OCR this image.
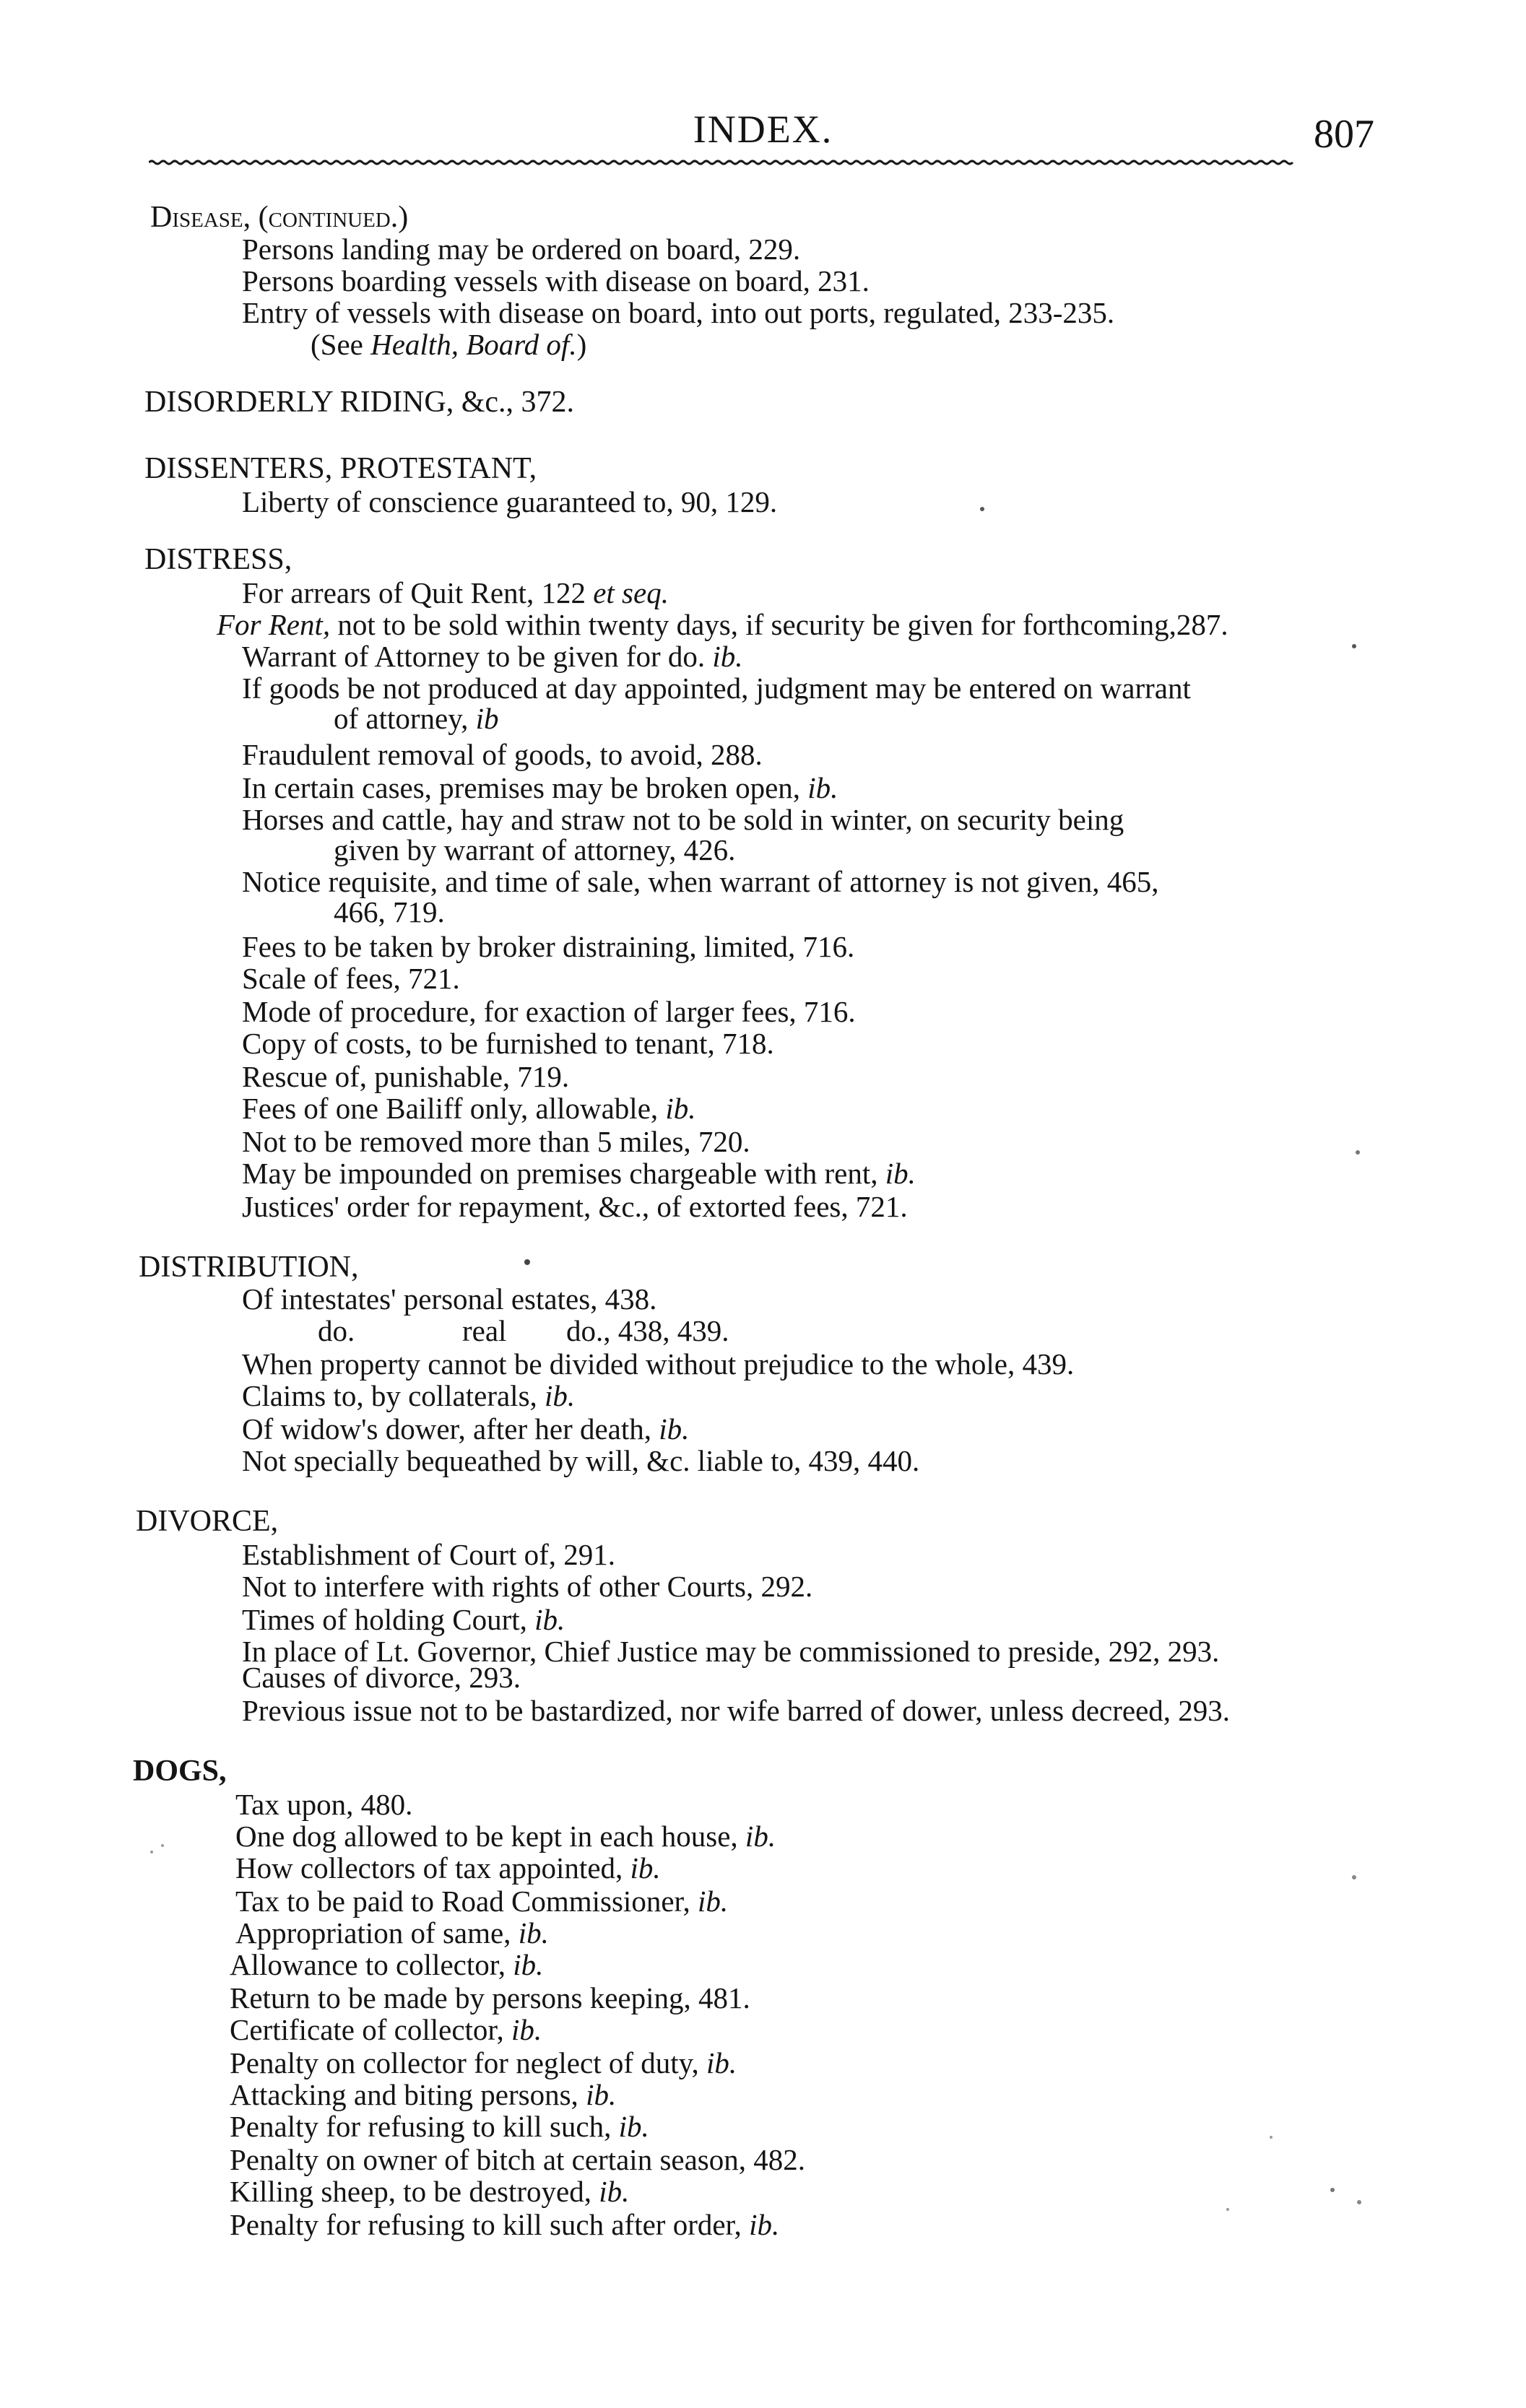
INDEX.	807
Disease, (continued.)
Persons landing may be ordered on board, 229.
Persons boarding vessels with disease on board, 231.
Entry of vessels with disease on board, into out ports, regulated, 233-235.
(See Health, Board of.)
DISORDERLY RIDING, &c., 372.
DISSENTERS, PROTESTANT,
Liberty of conscience guaranteed to, 90, 129.
DISTRESS,
For arrears of Quit Rent, 122 et seq.
For Rent, not to be sold within twenty days, if security be given for forthcoming,287.
Warrant of Attorney to be given for do. ib.
If goods be not produced at day appointed, judgment may be entered on warrant
of attorney, ib
Fraudulent removal of goods, to avoid, 288.
In certain cases, premises may be broken open, ib.
Horses and cattle, hay and straw not to be sold in winter, on security being
given by warrant of attorney, 426.
Notice requisite, and time of sale, when warrant of attorney is not given, 465,
466, 719.
Fees to be taken by broker distraining, limited, 716.
Scale of fees, 721.
Mode of procedure, for exaction of larger fees, 716.
Copy of costs, to be furnished to tenant, 718.
Rescue of, punishable, 719.
Fees of one Bailiff only, allowable, ib.
Not to be removed more than 5 miles, 720.
May be impounded on premises chargeable with rent, ib.
Justices' order for repayment, &c., of extorted fees, 721.
DISTRIBUTION,
Of intestates' personal estates, 438.
do.	real do., 438, 439.
When property cannot be divided without prejudice to the whole, 439.
Claims to, by collaterals, ib.
Of widow's dower, after her death, ib.
Not specially bequeathed by will, &c. liable to, 439, 440.
DIVORCE,
Establishment of Court of, 291.
Not to interfere with rights of other Courts, 292.
Times of holding Court, ib.
In place of Lt. Governor, Chief Justice may be commissioned to preside, 292, 293.
Causes of divorce, 293.
Previous issue not to be bastardized, nor wife barred of dower, unless decreed, 293.
DOGS,
Tax upon, 480.
One dog allowed to be kept in each house, ib.
How collectors of tax appointed, ib.
Tax to be paid to Road Commissioner, ib.
Appropriation of same, ib.
Allowance to collector, ib.
Return to be made by persons keeping, 481.
Certificate of collector, ib.
Penalty on collector for neglect of duty, ib.
Attacking and biting persons, ib.
Penalty for refusing to kill such, ib.
Penalty on owner of bitch at certain season, 482.
Killing sheep, to be destroyed, ib.
Penalty for refusing to kill such after order, ib.
